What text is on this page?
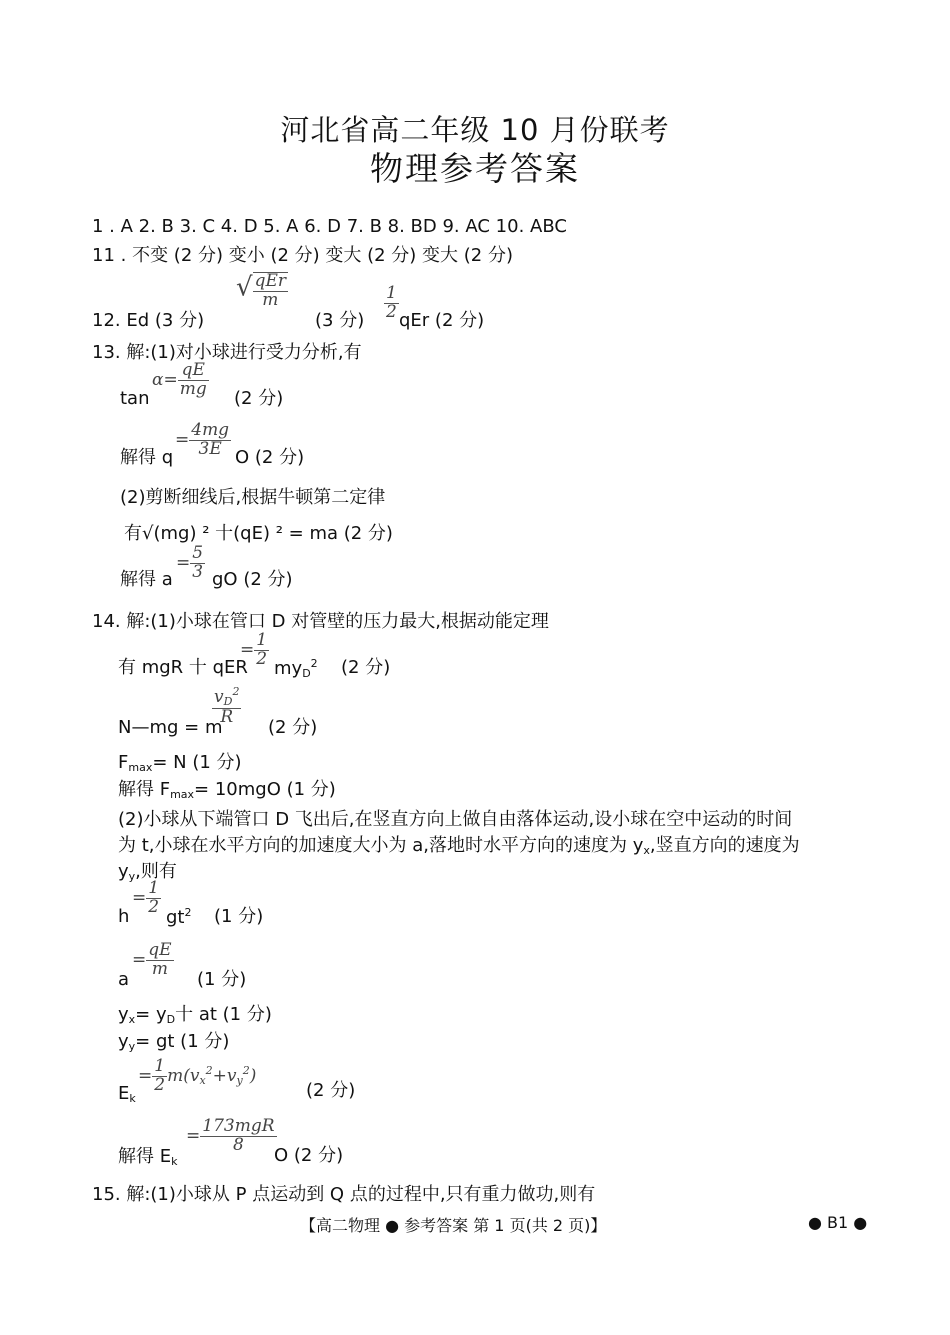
河北省高二年级 10 月份联考
物理参考答案
1 . A 2. B 3. C 4. D 5. A 6. D 7. B 8. BD 9. AC 10. ABC
11 . 不变 (2 分) 变小 (2 分) 变大 (2 分) 变大 (2 分)
12. Ed (3 分)
√ $\frac{\text{qEr}}{m}$
(3 分) $\frac{1}{2}$ qEr (2 分)
13. 解:(1)对小球进行受力分析,有
tan
$\alpha= \frac{qE}{mg} (2$ 分)
解得 q
= $\frac{4mg}{3E}$ O (2 分)
(2)剪断细线后,根据牛顿第二定律
有√(mg) ² 十(qE) ² = ma (2 分)
解得 a
= $\frac{5}{3}$ gO (2 分)
14. 解:(1)小球在管口 D 对管壁的压力最大,根据动能定理
有 mgR 十 qER
= $\frac{1}{2} my_D^2$ (2 分)
N—mg = m
$\frac{v_D^2}{R}$
(2 分)
$F_{max}= N$ (1 分)
解得 $F_{max}= 10mgO$ (1 分)
(2)小球从下端管口 D 飞出后,在竖直方向上做自由落体运动,设小球在空中运动的时间
为 t,小球在水平方向的加速度大小为 a,落地时水平方向的速度为 $y_x$,竖直方向的速度为
$y_y$,则有
h
= $\frac{1}{2}$
$gt^2$ (1 分)
a
= $\frac{qE}{m}$
(1 分)
$y_x= y_D$十 at (1 分)
$y_y=$ gt (1 分)
$E_k$
= $\frac{1}{2} m(v_x^2+v_y^2)$
(2 分)
解得 $E_k$
= $\frac{\text{173mgR}}{8}$
O (2 分)
15. 解:(1)小球从 P 点运动到 Q 点的过程中,只有重力做功,则有
【高二物理 ● 参考答案 第 1 页(共 2 页)】	● B1 ●
